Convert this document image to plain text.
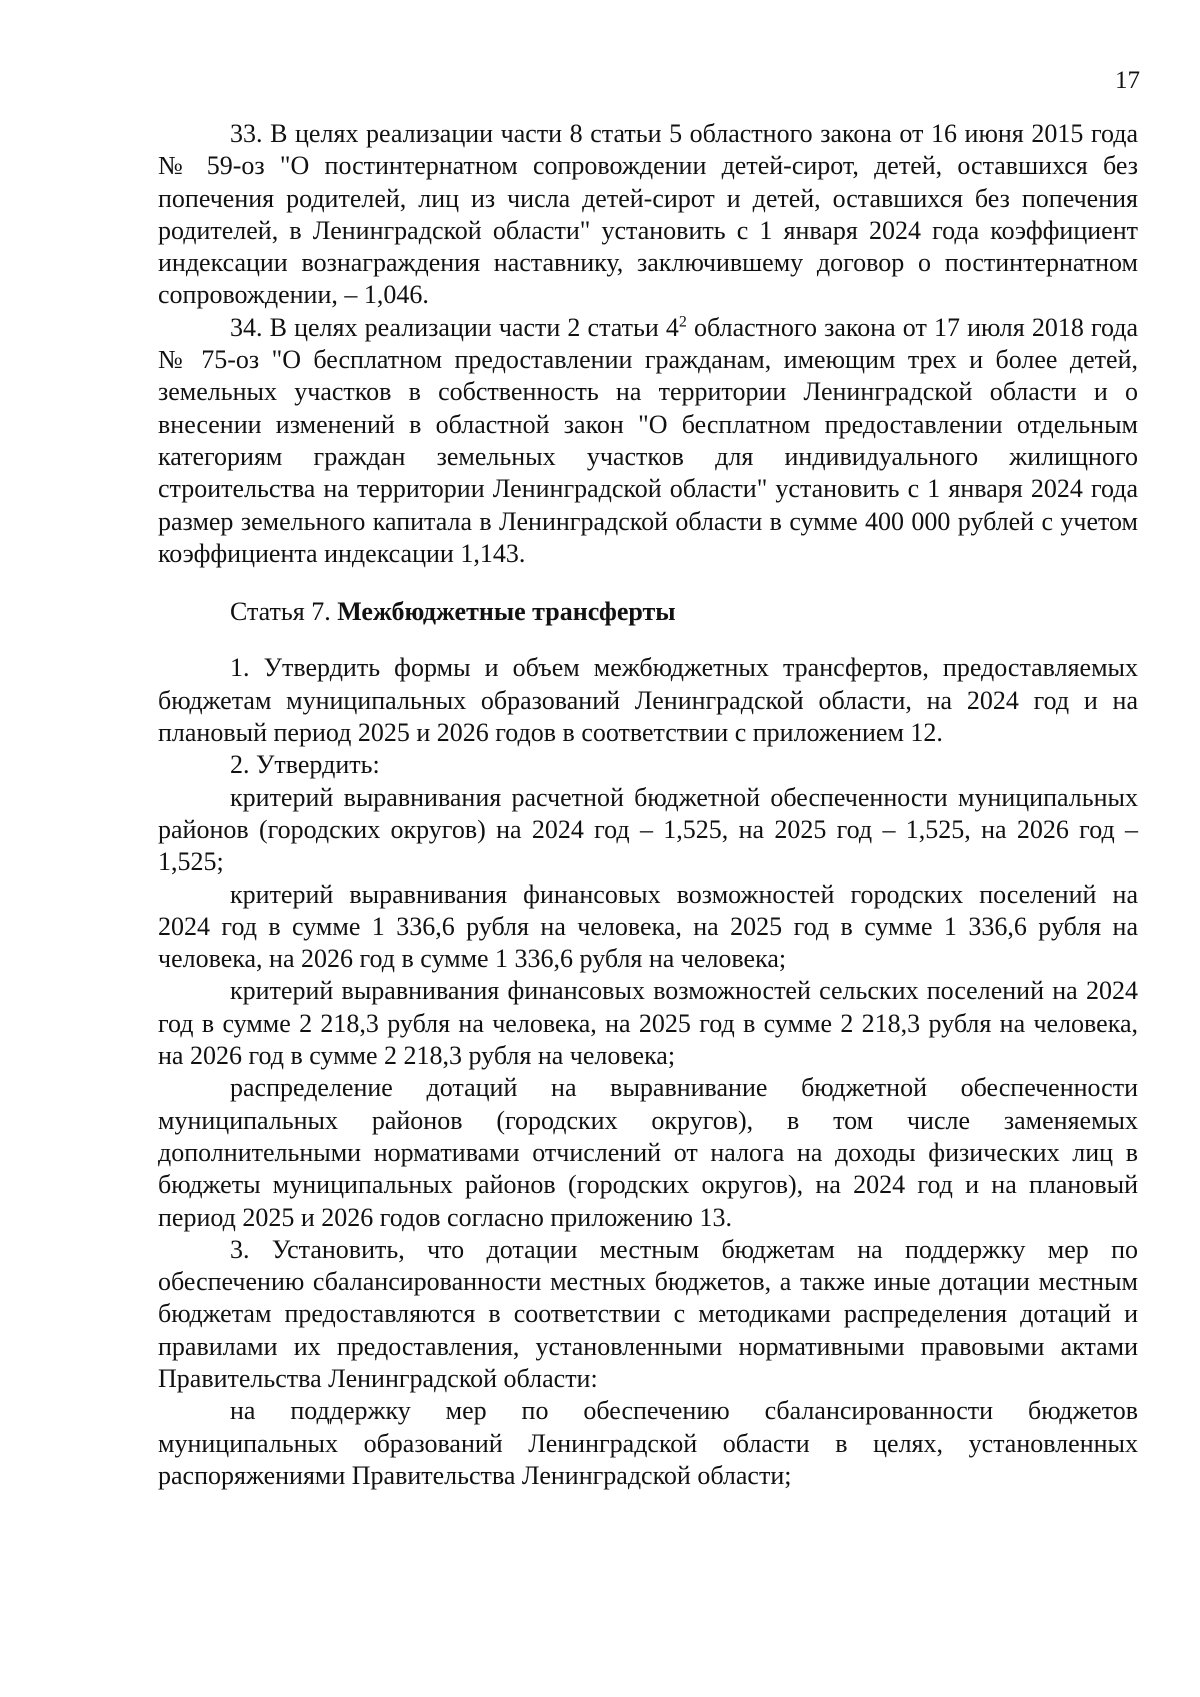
17

33. В целях реализации части 8 статьи 5 областного закона от 16 июня 2015 года № 59-оз "О постинтернатном сопровождении детей-сирот, детей, оставшихся без попечения родителей, лиц из числа детей-сирот и детей, оставшихся без попечения родителей, в Ленинградской области" установить с 1 января 2024 года коэффициент индексации вознаграждения наставнику, заключившему договор о постинтернатном сопровождении, – 1,046.

34. В целях реализации части 2 статьи $4^2$ областного закона от 17 июля 2018 года № 75-оз "О бесплатном предоставлении гражданам, имеющим трех и более детей, земельных участков в собственность на территории Ленинградской области и о внесении изменений в областной закон "О бесплатном предоставлении отдельным категориям граждан земельных участков для индивидуального жилищного строительства на территории Ленинградской области" установить с 1 января 2024 года размер земельного капитала в Ленинградской области в сумме 400 000 рублей с учетом коэффициента индексации 1,143.

Статья 7. Межбюджетные трансферты

1. Утвердить формы и объем межбюджетных трансфертов, предоставляемых бюджетам муниципальных образований Ленинградской области, на 2024 год и на плановый период 2025 и 2026 годов в соответствии с приложением 12.

2. Утвердить:

критерий выравнивания расчетной бюджетной обеспеченности муниципальных районов (городских округов) на 2024 год – 1,525, на 2025 год – 1,525, на 2026 год – 1,525;

критерий выравнивания финансовых возможностей городских поселений на 2024 год в сумме 1 336,6 рубля на человека, на 2025 год в сумме 1 336,6 рубля на человека, на 2026 год в сумме 1 336,6 рубля на человека;

критерий выравнивания финансовых возможностей сельских поселений на 2024 год в сумме 2 218,3 рубля на человека, на 2025 год в сумме 2 218,3 рубля на человека, на 2026 год в сумме 2 218,3 рубля на человека;

распределение дотаций на выравнивание бюджетной обеспеченности муниципальных районов (городских округов), в том числе заменяемых дополнительными нормативами отчислений от налога на доходы физических лиц в бюджеты муниципальных районов (городских округов), на 2024 год и на плановый период 2025 и 2026 годов согласно приложению 13.

3. Установить, что дотации местным бюджетам на поддержку мер по обеспечению сбалансированности местных бюджетов, а также иные дотации местным бюджетам предоставляются в соответствии с методиками распределения дотаций и правилами их предоставления, установленными нормативными правовыми актами Правительства Ленинградской области:

на поддержку мер по обеспечению сбалансированности бюджетов муниципальных образований Ленинградской области в целях, установленных распоряжениями Правительства Ленинградской области;
